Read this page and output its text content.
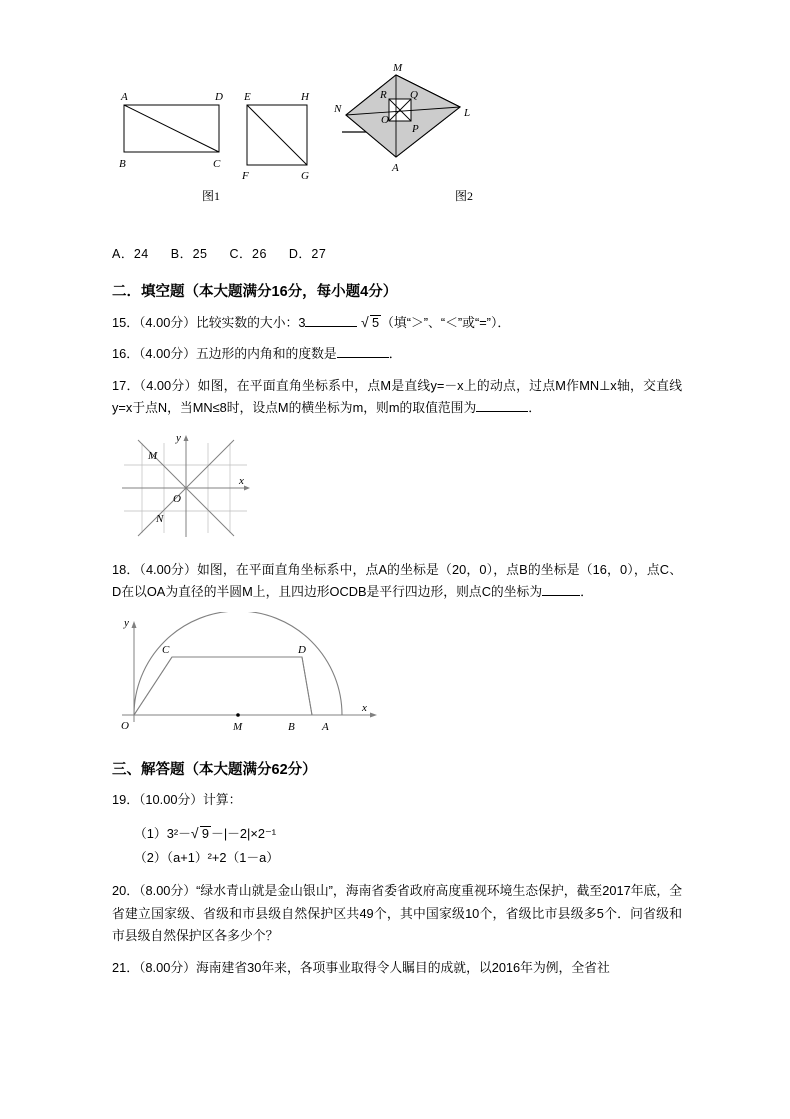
A
B	C
D E
F	G
H
图1
M
N	L
A
O
P
Q
R
图2
A．24 B．25 C．26 D．27
二．填空题（本大题满分16分，每小题4分）
15．（4.00分）比较实数的大小：3	√ 5 （填“＞”、“＜”或“=”）．
16．（4.00分）五边形的内角和的度数是	．
17．（4.00分）如图，在平面直角坐标系中，点M是直线y=－x上的动点，过点M作MN⊥x轴，交直线y=x于点N，当MN≤8时，设点M的横坐标为m，则m的取值范围为	．
y
x
M
N
O
18．（4.00分）如图，在平面直角坐标系中，点A的坐标是（20，0），点B的坐标是（16，0），点C、D在以OA为直径的半圆M上，且四边形OCDB是平行四边形，则点C的坐标为	．
y
x
O
C	D
M	B A
三、解答题（本大题满分62分）
19．（10.00分）计算：
（1）3²－ √ 9 －|－2|×2⁻¹
（2）（a+1）²+2（1－a）
20．（8.00分）“绿水青山就是金山银山”，海南省委省政府高度重视环境生态保护，截至2017年底，全省建立国家级、省级和市县级自然保护区共49个，其中国家级10个，省级比市县级多5个．问省级和市县级自然保护区各多少个？
21．（8.00分）海南建省30年来，各项事业取得令人瞩目的成就，以2016年为例，全省社
